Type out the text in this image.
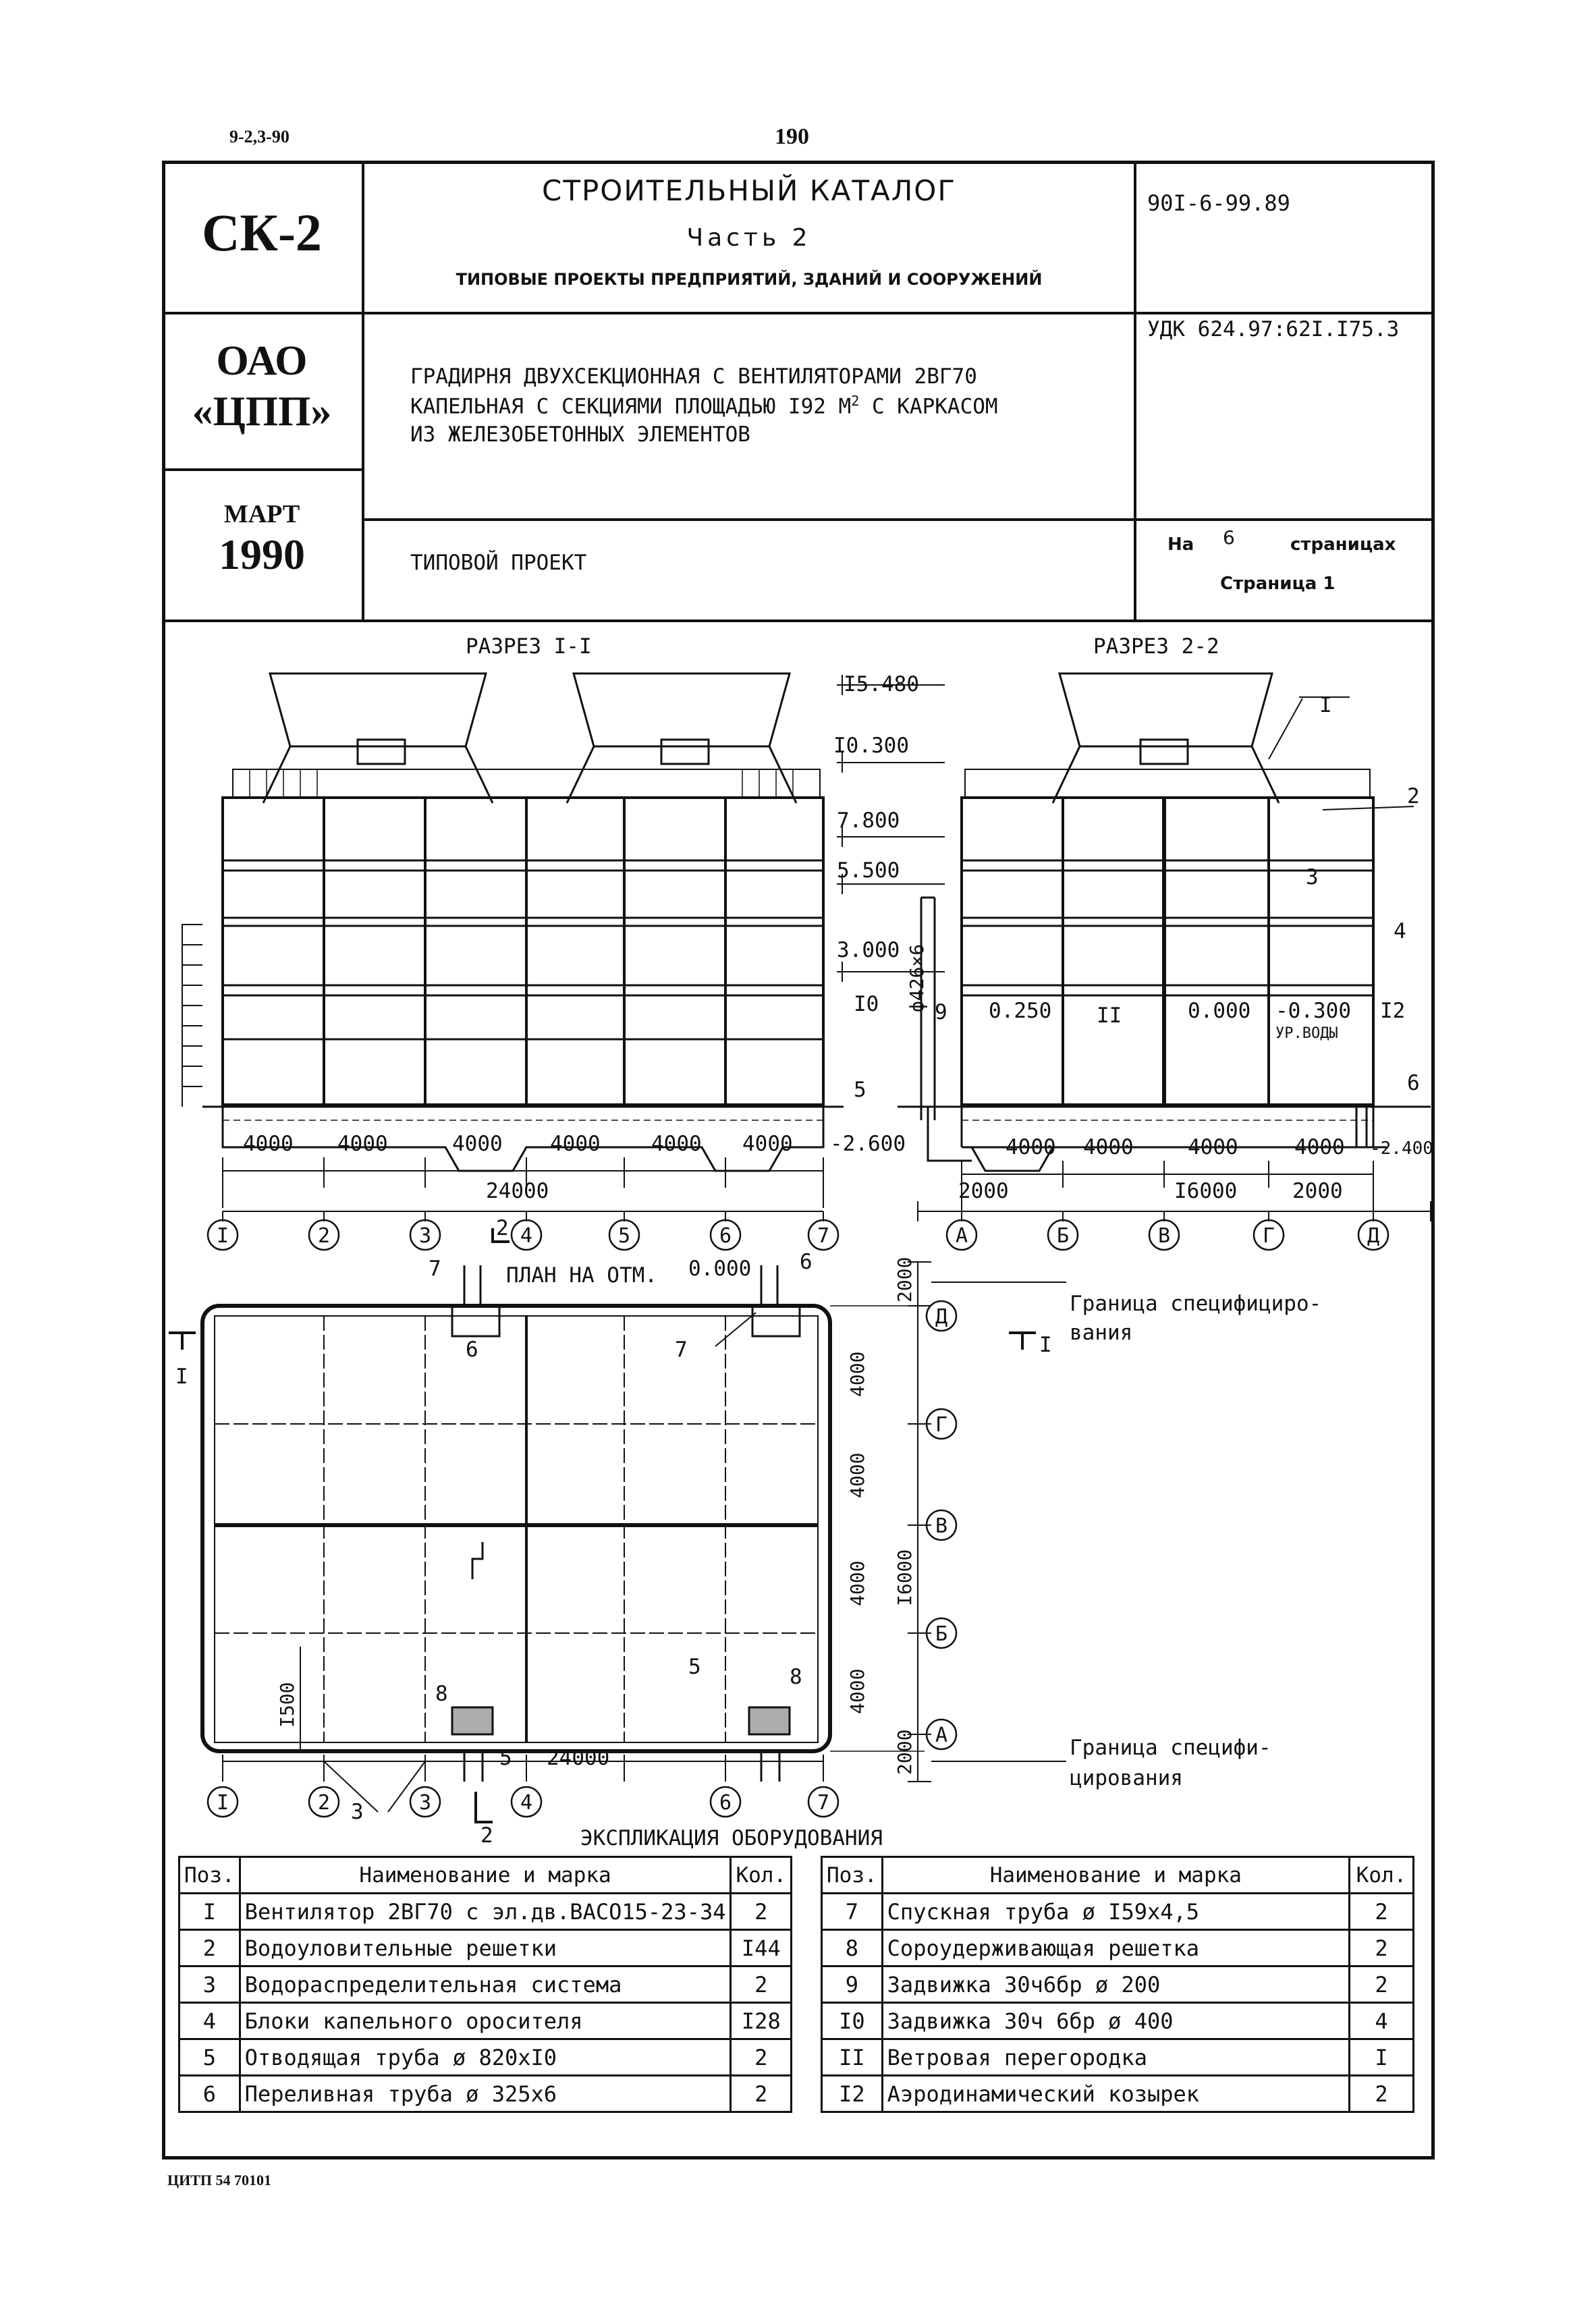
9-2,3-90	190
СК-2
ОАО
«ЦПП»
МАРТ
1990
СТРОИТЕЛЬНЫЙ КАТАЛОГ
Часть 2
ТИПОВЫЕ ПРОЕКТЫ ПРЕДПРИЯТИЙ, ЗДАНИЙ И СООРУЖЕНИЙ
ГРАДИРНЯ ДВУХСЕКЦИОННАЯ С ВЕНТИЛЯТОРАМИ 2ВГ70
КАПЕЛЬНАЯ С СЕКЦИЯМИ ПЛОЩАДЬЮ I92 $М^2$ С КАРКАСОМ
ИЗ ЖЕЛЕЗОБЕТОННЫХ ЭЛЕМЕНТОВ
ТИПОВОЙ ПРОЕКТ
90I-6-99.89
УДК 624.97:62I.I75.3
На 6	страницах
Страница 1
РАЗРЕЗ I-I	РАЗРЕЗ 2-2
I5.480
I0.300
7.800
5.500
3.000
-2.600	-2.400
0.250	0.000 -0.300
УР.ВОДЫ
ф426×6
4000 4000	4000 4000 4000 4000
24000
4000 4000	4000	4000
2000	I6000	2000
I	2	3	4	5	6	7	А	Б	В	Г	Д
Д
Г
В
Б
А
I	2	3	4	6	7
ПЛАН НА ОТМ. 0.000
24000
2000
4000
4000
4000
4000
2000
I6000
I500
Граница специфициро-
вания
Граница специфи-
цирования
I
2
3
4
5	6
7
8
9
I0	II	I2
6
6	7
5	8
3
5
I
I
2
2	ЭКСПЛИКАЦИЯ ОБОРУДОВАНИЯ
Поз.	Наименование и марка	Кол.
I	Вентилятор 2ВГ70 с эл.дв.ВАСО15-23-34	2
2	Водоуловительные решетки	I44
3	Водораспределительная система	2
4	Блоки капельного оросителя	I28
5	Отводящая труба ø 820xI0	2
6	Переливная труба ø 325x6	2
Поз.	Наименование и марка	Кол.
7	Спускная труба ø I59x4,5	2
8	Сороудерживающая решетка	2
9	Задвижка 30ч6бр ø 200	2
I0	Задвижка 30ч 6бр ø 400	4
II	Ветровая перегородка	I
I2	Аэродинамический козырек	2
ЦИТП 54 70101
